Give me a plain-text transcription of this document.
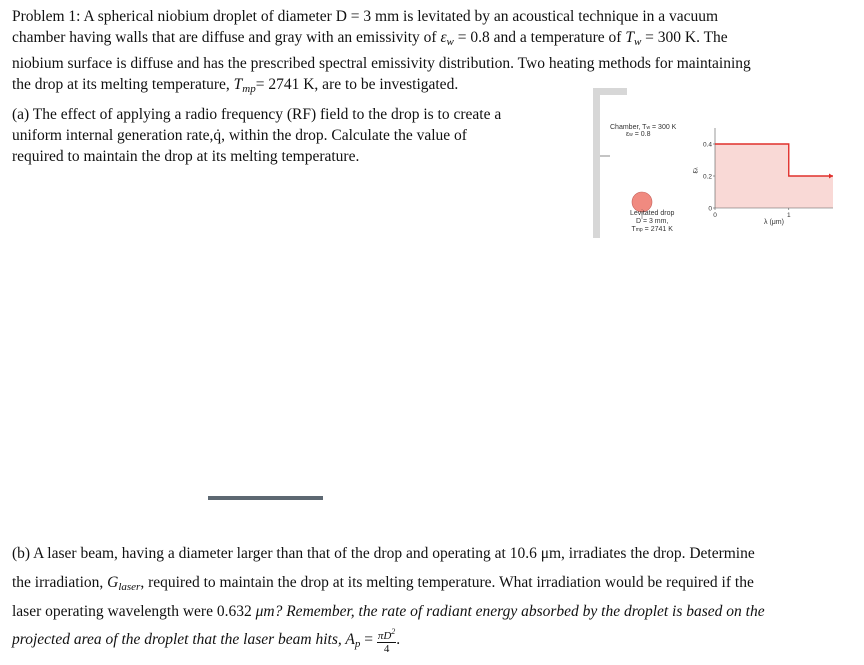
Problem 1: A spherical niobium droplet of diameter D = 3 mm is levitated by an acoustical technique in a vacuum
chamber having walls that are diffuse and gray with an emissivity of $\varepsilon_w = 0.8$ and a temperature of $T_w = 300$ K. The
niobium surface is diffuse and has the prescribed spectral emissivity distribution. Two heating methods for maintaining
the drop at its melting temperature, $T_{mp}= 2741$ K, are to be investigated.
(a) The effect of applying a radio frequency (RF) field to the drop is to create a
uniform internal generation rate,q̇, within the drop. Calculate the value of
required to maintain the drop at its melting temperature.
0
0.2
0.4
0	1
Chamber, Tw = 300 K
εw = 0.8
Levitated drop
D = 3 mm,
Tmp = 2741 K
ελ
λ (μm)
(b) A laser beam, having a diameter larger than that of the drop and operating at 10.6 μm, irradiates the drop. Determine
the irradiation, $G_{laser}$, required to maintain the drop at its melting temperature. What irradiation would be required if the
laser operating wavelength were 0.632 μm? Remember, the rate of radiant energy absorbed by the droplet is based on the
projected area of the droplet that the laser beam hits, $A_p = \frac{\pi D^2}{4}$ .
